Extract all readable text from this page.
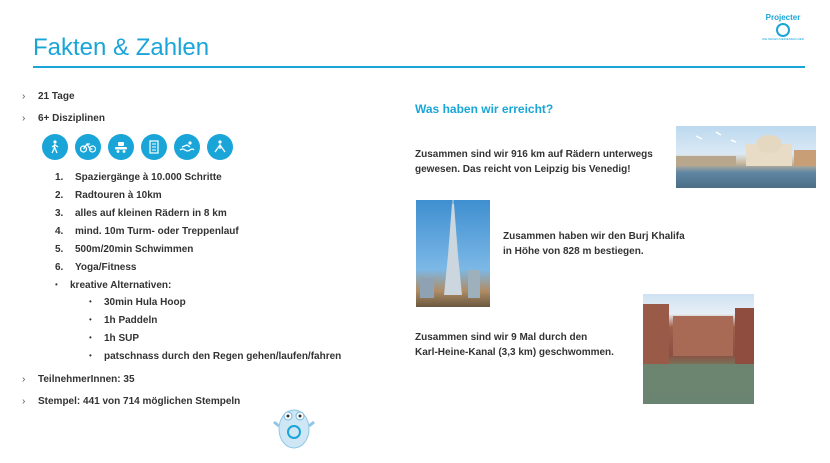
Fakten & Zahlen
Projecter
DIE NEUEN MEDIENMACHER
› 21 Tage
› 6+ Disziplinen
1. Spaziergänge à 10.000 Schritte
2. Radtouren à 10km
3. alles auf kleinen Rädern in 8 km
4. mind. 10m Turm- oder Treppenlauf
5. 500m/20min Schwimmen
6. Yoga/Fitness
• kreative Alternativen:
• 30min Hula Hoop
• 1h Paddeln
• 1h SUP
• patschnass durch den Regen gehen/laufen/fahren
› TeilnehmerInnen: 35
› Stempel: 441 von 714 möglichen Stempeln
Was haben wir erreicht?
Zusammen sind wir 916 km auf Rädern unterwegs
gewesen. Das reicht von Leipzig bis Venedig!
Zusammen haben wir den Burj Khalifa
in Höhe von 828 m bestiegen.
Zusammen sind wir 9 Mal durch den
Karl-Heine-Kanal (3,3 km) geschwommen.
